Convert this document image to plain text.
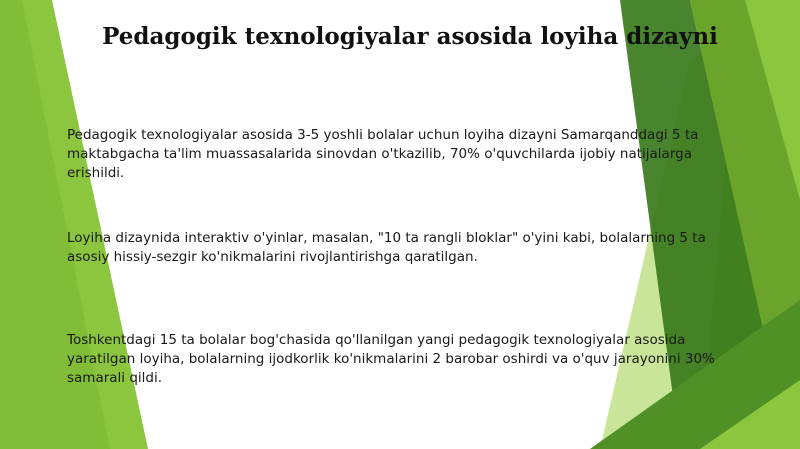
Pedagogik texnologiyalar asosida loyiha dizayni

Pedagogik texnologiyalar asosida 3-5 yoshli bolalar uchun loyiha dizayni Samarqanddagi 5 ta maktabgacha ta'lim muassasalarida sinovdan o'tkazilib, 70% o'quvchilarda ijobiy natijalarga erishildi.

Loyiha dizaynida interaktiv o'yinlar, masalan, "10 ta rangli bloklar" o'yini kabi, bolalarning 5 ta asosiy hissiy-sezgir ko'nikmalarini rivojlantirishga qaratilgan.

Toshkentdagi 15 ta bolalar bog'chasida qo'llanilgan yangi pedagogik texnologiyalar asosida yaratilgan loyiha, bolalarning ijodkorlik ko'nikmalarini 2 barobar oshirdi va o'quv jarayonini 30% samarali qildi.
